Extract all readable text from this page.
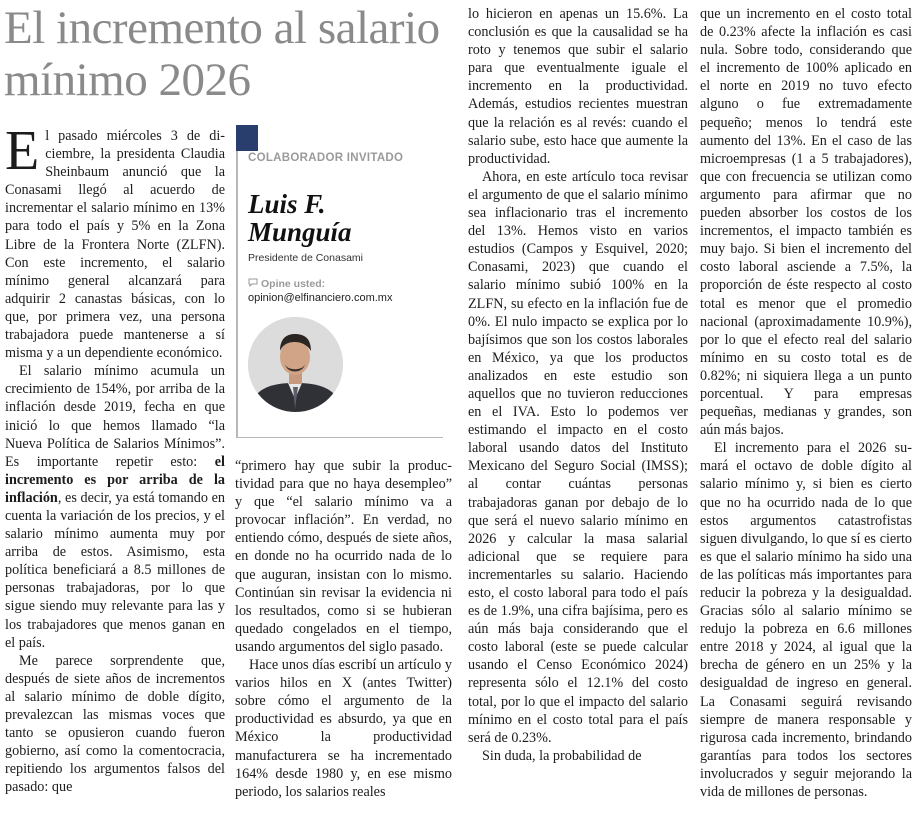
El incremento al salario mínimo 2026

El pasado miércoles 3 de diciembre, la presidenta Claudia Sheinbaum anunció que la Conasami llegó al acuerdo de incrementar el salario mínimo en 13% para todo el país y 5% en la Zona Libre de la Frontera Norte (ZLFN). Con este incremento, el salario mínimo general alcanzará para adquirir 2 canastas básicas, con lo que, por primera vez, una persona trabajadora puede mantenerse a sí misma y a un dependiente económico.

El salario mínimo acumula un crecimiento de 154%, por arriba de la inflación desde 2019, fecha en que inició lo que hemos llamado “la Nueva Política de Salarios Mínimos”. Es importante repetir esto: el incremento es por arriba de la inflación, es decir, ya está tomando en cuenta la variación de los precios, y el salario mínimo aumenta muy por arriba de estos. Asimismo, esta política beneficiará a 8.5 millones de personas trabajadoras, por lo que sigue siendo muy relevante para las y los trabajadores que menos ganan en el país.

Me parece sorprendente que, después de siete años de incrementos al salario mínimo de doble dígito, prevalezcan las mismas voces que tanto se opusieron cuando fueron gobierno, así como la comentocracia, repitiendo los argumentos falsos del pasado: que

COLABORADOR INVITADO
Luis F.
Munguía
Presidente de Conasami
Opine usted:
opinion@elfinanciero.com.mx

“primero hay que subir la productividad para que no haya desempleo” y que “el salario mínimo va a provocar inflación”. En verdad, no entiendo cómo, después de siete años, en donde no ha ocurrido nada de lo que auguran, insistan con lo mismo. Continúan sin revisar la evidencia ni los resultados, como si se hubieran quedado congelados en el tiempo, usando argumentos del siglo pasado.

Hace unos días escribí un artículo y varios hilos en X (antes Twitter) sobre cómo el argumento de la productividad es absurdo, ya que en México la productividad manufacturera se ha incrementado 164% desde 1980 y, en ese mismo periodo, los salarios reales

lo hicieron en apenas un 15.6%. La conclusión es que la causalidad se ha roto y tenemos que subir el salario para que eventualmente iguale el incremento en la productividad. Además, estudios recientes muestran que la relación es al revés: cuando el salario sube, esto hace que aumente la productividad.

Ahora, en este artículo toca revisar el argumento de que el salario mínimo sea inflacionario tras el incremento del 13%. Hemos visto en varios estudios (Campos y Esquivel, 2020; Conasami, 2023) que cuando el salario mínimo subió 100% en la ZLFN, su efecto en la inflación fue de 0%. El nulo impacto se explica por lo bajísimos que son los costos laborales en México, ya que los productos analizados en este estudio son aquellos que no tuvieron reducciones en el IVA. Esto lo podemos ver estimando el impacto en el costo laboral usando datos del Instituto Mexicano del Seguro Social (IMSS); al contar cuántas personas trabajadoras ganan por debajo de lo que será el nuevo salario mínimo en 2026 y calcular la masa salarial adicional que se requiere para incrementarles su salario. Haciendo esto, el costo laboral para todo el país es de 1.9%, una cifra bajísima, pero es aún más baja considerando que el costo laboral (este se puede calcular usando el Censo Económico 2024) representa sólo el 12.1% del costo total, por lo que el impacto del salario mínimo en el costo total para el país será de 0.23%.

Sin duda, la probabilidad de

que un incremento en el costo total de 0.23% afecte la inflación es casi nula. Sobre todo, considerando que el incremento de 100% aplicado en el norte en 2019 no tuvo efecto alguno o fue extremadamente pequeño; menos lo tendrá este aumento del 13%. En el caso de las microempresas (1 a 5 trabajadores), que con frecuencia se utilizan como argumento para afirmar que no pueden absorber los costos de los incrementos, el impacto también es muy bajo. Si bien el incremento del costo laboral asciende a 7.5%, la proporción de éste respecto al costo total es menor que el promedio nacional (aproximadamente 10.9%), por lo que el efecto real del salario mínimo en su costo total es de 0.82%; ni siquiera llega a un punto porcentual. Y para empresas pequeñas, medianas y grandes, son aún más bajos.

El incremento para el 2026 sumará el octavo de doble dígito al salario mínimo y, si bien es cierto que no ha ocurrido nada de lo que estos argumentos catastrofistas siguen divulgando, lo que sí es cierto es que el salario mínimo ha sido una de las políticas más importantes para reducir la pobreza y la desigualdad. Gracias sólo al salario mínimo se redujo la pobreza en 6.6 millones entre 2018 y 2024, al igual que la brecha de género en un 25% y la desigualdad de ingreso en general. La Conasami seguirá revisando siempre de manera responsable y rigurosa cada incremento, brindando garantías para todos los sectores involucrados y seguir mejorando la vida de millones de personas.
